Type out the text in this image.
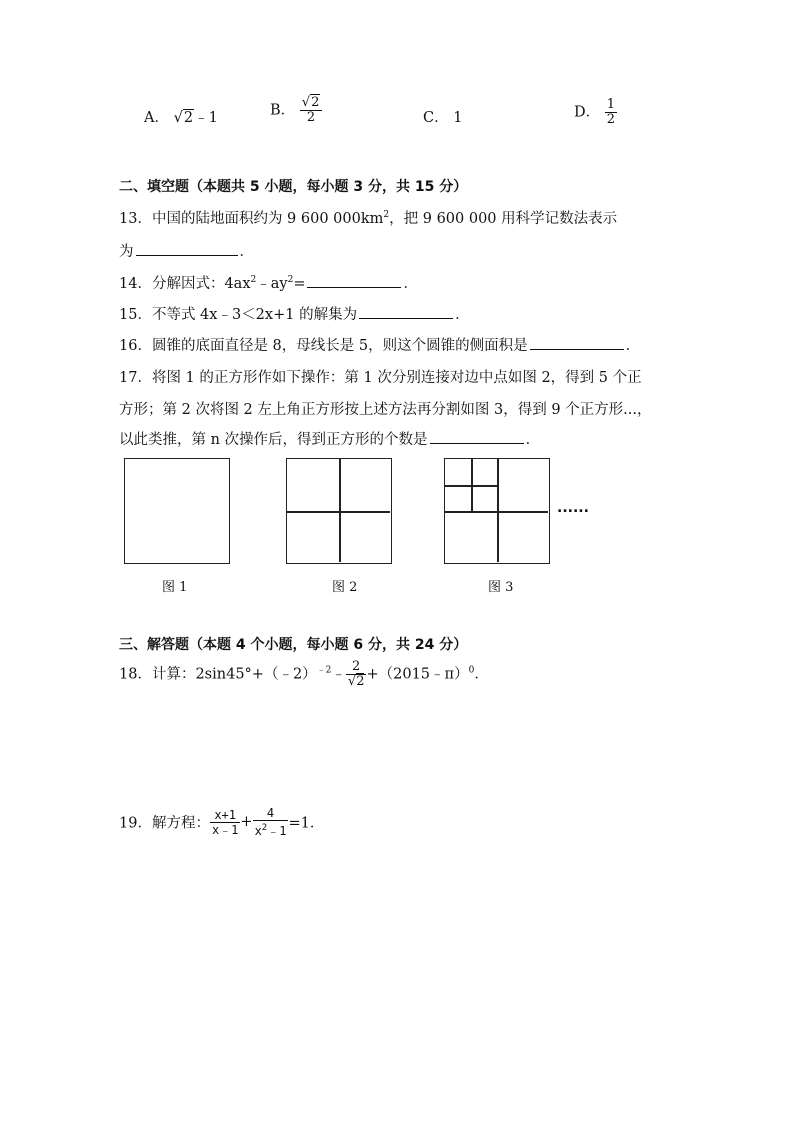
A． √2﹣1	B． $\frac{√2}{2}$	C． 1	D． $\frac{1}{2}$
二、填空题（本题共 5 小题，每小题 3 分，共 15 分）
13．中国的陆地面积约为 9 600 $000km^2$，把 9 600 000 用科学记数法表示
为	．
14．分解因式：$4ax^2﹣ay^2=$	．
15．不等式 4x﹣3＜2x+1 的解集为	．
16．圆锥的底面直径是 8，母线长是 5，则这个圆锥的侧面积是	．
17．将图 1 的正方形作如下操作：第 1 次分别连接对边中点如图 2，得到 5 个正
方形；第 2 次将图 2 左上角正方形按上述方法再分割如图 3，得到 9 个正方形...，
以此类推，第 n 次操作后，得到正方形的个数是	．
......
图 1	图 2	图 3
三、解答题（本题 4 个小题，每小题 6 分，共 24 分）
18．计算：2sin45°+（﹣2）$^{﹣2}$﹣ $\frac{2}{√2}$ +（2015﹣π）$^0$．
19．解方程： $\frac{x+1}{x﹣1} + \frac{4}{x^2﹣1} =1$．
